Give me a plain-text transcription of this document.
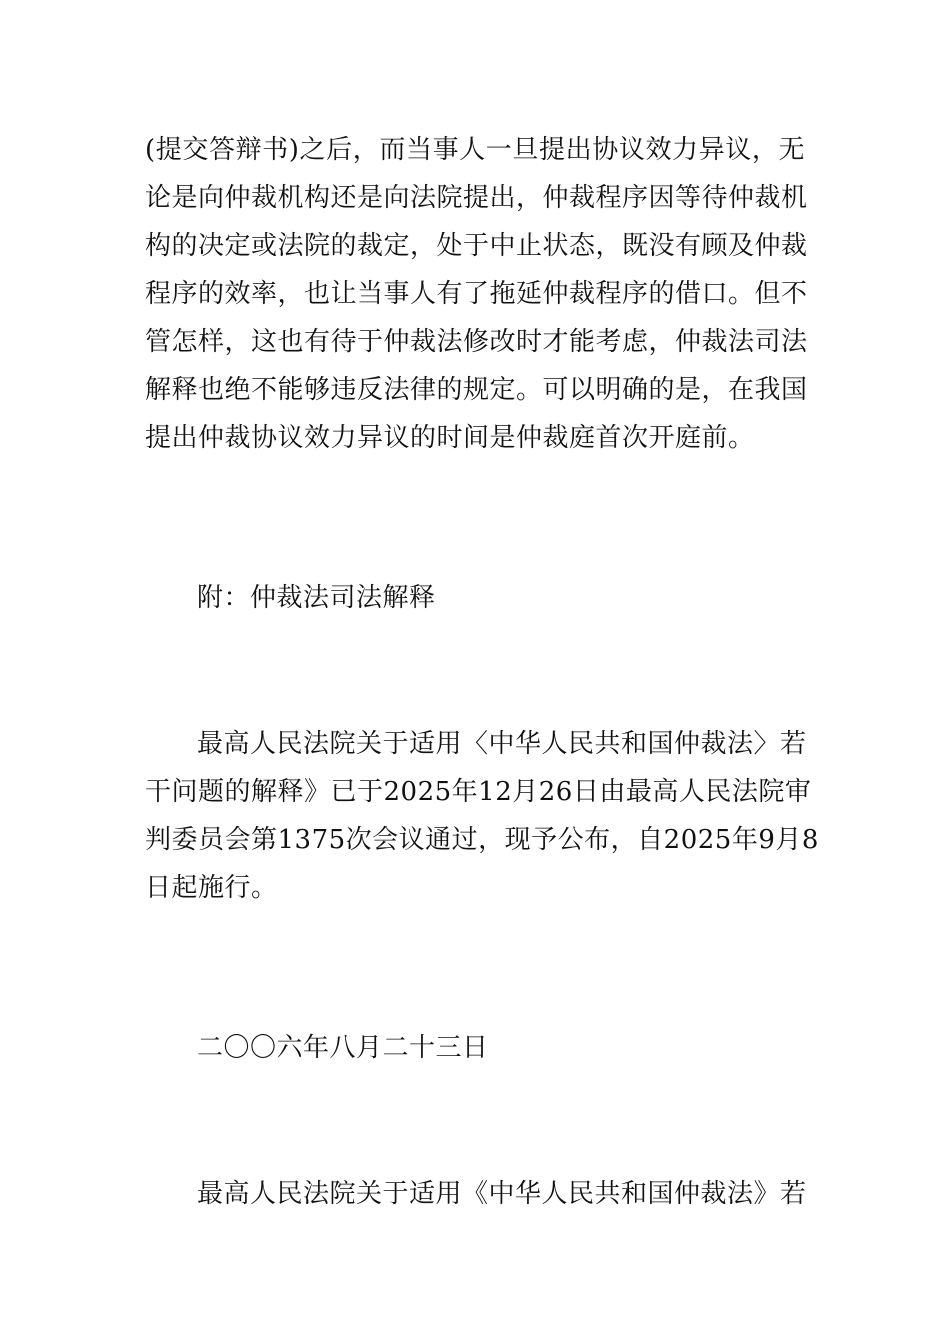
(提交答辩书)之后，而当事人一旦提出协议效力异议，无
论是向仲裁机构还是向法院提出，仲裁程序因等待仲裁机
构的决定或法院的裁定，处于中止状态，既没有顾及仲裁
程序的效率，也让当事人有了拖延仲裁程序的借口。但不
管怎样，这也有待于仲裁法修改时才能考虑，仲裁法司法
解释也绝不能够违反法律的规定。可以明确的是，在我国
提出仲裁协议效力异议的时间是仲裁庭首次开庭前。
附：仲裁法司法解释
最高人民法院关于适用〈中华人民共和国仲裁法〉若
干问题的解释》已于2025年12月26日由最高人民法院审
判委员会第1375次会议通过，现予公布，自2025年9月8
日起施行。
二〇〇六年八月二十三日
最高人民法院关于适用《中华人民共和国仲裁法》若
